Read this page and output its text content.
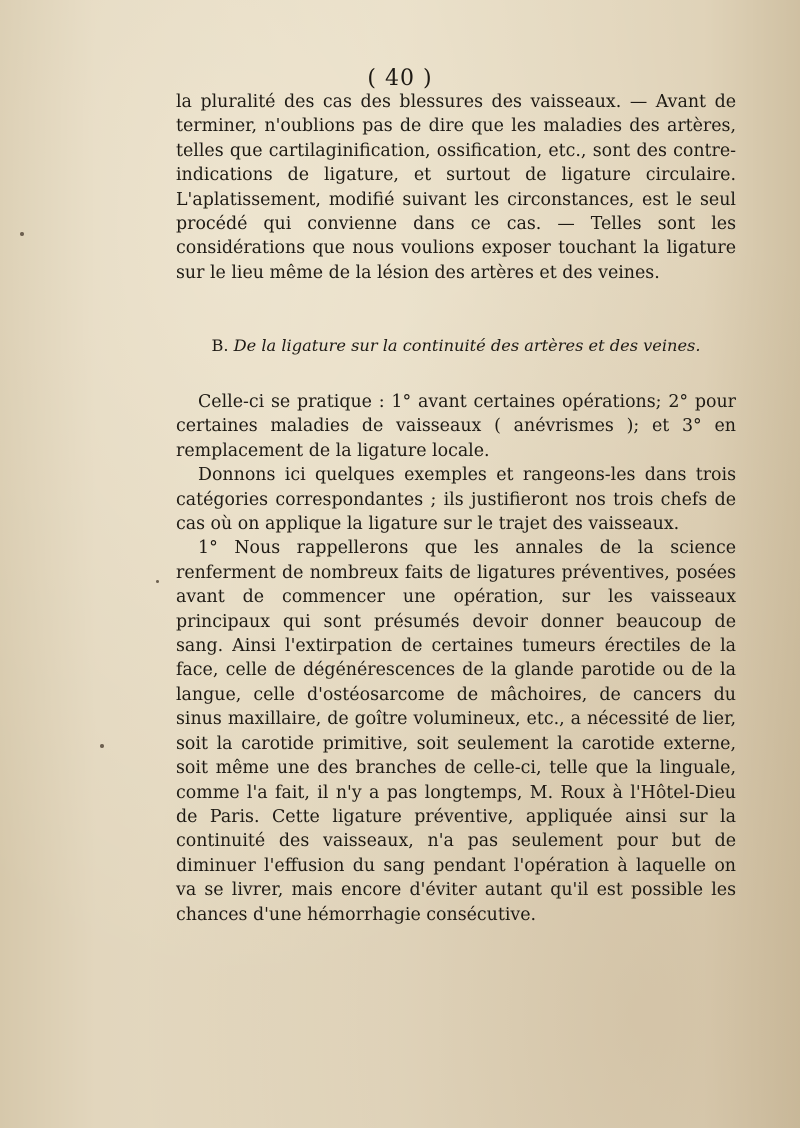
( 40 )

la pluralité des cas des blessures des vaisseaux. — Avant de terminer, n'oublions pas de dire que les maladies des artères, telles que cartilaginification, ossification, etc., sont des contre-indications de ligature, et surtout de ligature circulaire. L'aplatissement, modifié suivant les circonstances, est le seul procédé qui convienne dans ce cas. — Telles sont les considérations que nous voulions exposer touchant la ligature sur le lieu même de la lésion des artères et des veines.

B. De la ligature sur la continuité des artères et des veines.

Celle-ci se pratique : 1° avant certaines opérations; 2° pour certaines maladies de vaisseaux ( anévrismes ); et 3° en remplacement de la ligature locale.

Donnons ici quelques exemples et rangeons-les dans trois catégories correspondantes ; ils justifieront nos trois chefs de cas où on applique la ligature sur le trajet des vaisseaux.

1° Nous rappellerons que les annales de la science renferment de nombreux faits de ligatures préventives, posées avant de commencer une opération, sur les vaisseaux principaux qui sont présumés devoir donner beaucoup de sang. Ainsi l'extirpation de certaines tumeurs érectiles de la face, celle de dégénérescences de la glande parotide ou de la langue, celle d'ostéosarcome de mâchoires, de cancers du sinus maxillaire, de goître volumineux, etc., a nécessité de lier, soit la carotide primitive, soit seulement la carotide externe, soit même une des branches de celle-ci, telle que la linguale, comme l'a fait, il n'y a pas longtemps, M. Roux à l'Hôtel-Dieu de Paris. Cette ligature préventive, appliquée ainsi sur la continuité des vaisseaux, n'a pas seulement pour but de diminuer l'effusion du sang pendant l'opération à laquelle on va se livrer, mais encore d'éviter autant qu'il est possible les chances d'une hémorrhagie consécutive.
